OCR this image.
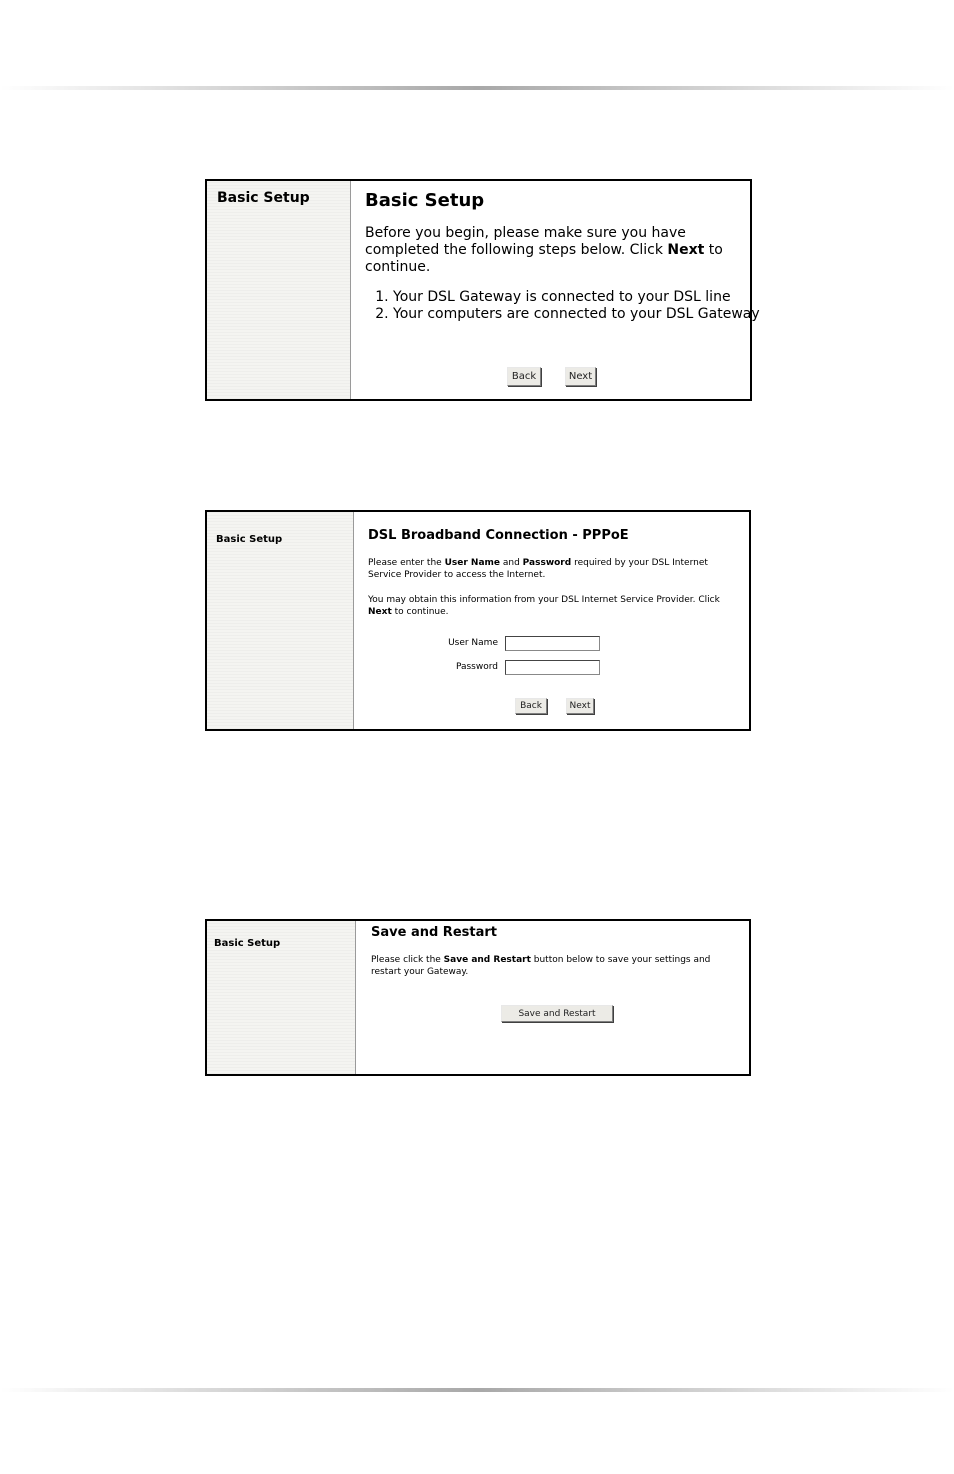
Basic Setup	Basic Setup
Before you begin, please make sure you have completed the following steps below. Click Next to continue.
1. Your DSL Gateway is connected to your DSL line
2. Your computers are connected to your DSL Gateway
Back	Next
Basic Setup	DSL Broadband Connection - PPPoE
Please enter the User Name and Password required by your DSL Internet Service Provider to access the Internet.
You may obtain this information from your DSL Internet Service Provider. Click Next to continue.
User Name
Password
Back	Next
Basic Setup
Save and Restart
Please click the Save and Restart button below to save your settings and restart your Gateway.
Save and Restart
